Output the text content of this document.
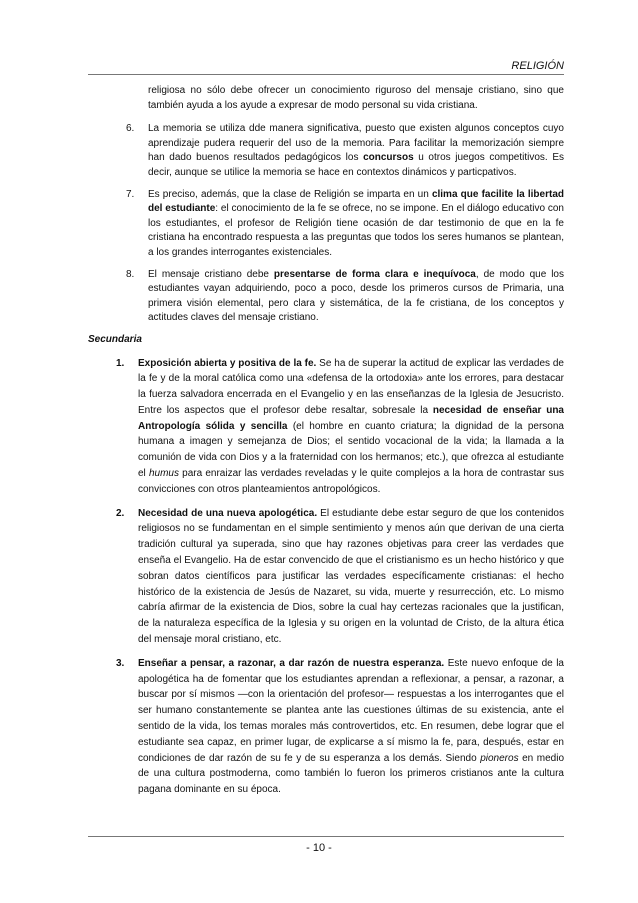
RELIGIÓN

religiosa no sólo debe ofrecer un conocimiento riguroso del mensaje cristiano, sino que también ayuda a los ayude a expresar de modo personal su vida cristiana.

6. La memoria se utiliza dde manera significativa, puesto que existen algunos conceptos cuyo aprendizaje pudera requerir del uso de la memoria. Para facilitar la memorización siempre han dado buenos resultados pedagógicos los concursos u otros juegos competitivos. Es decir, aunque se utilice la memoria se hace en contextos dinámicos y particpativos.

7. Es preciso, además, que la clase de Religión se imparta en un clima que facilite la libertad del estudiante: el conocimiento de la fe se ofrece, no se impone. En el diálogo educativo con los estudiantes, el profesor de Religión tiene ocasión de dar testimonio de que en la fe cristiana ha encontrado respuesta a las preguntas que todos los seres humanos se plantean, a los grandes interrogantes existenciales.

8. El mensaje cristiano debe presentarse de forma clara e inequívoca, de modo que los estudiantes vayan adquiriendo, poco a poco, desde los primeros cursos de Primaria, una primera visión elemental, pero clara y sistemática, de la fe cristiana, de los conceptos y actitudes claves del mensaje cristiano.

Secundaria
1. Exposición abierta y positiva de la fe. Se ha de superar la actitud de explicar las verdades de la fe y de la moral católica como una «defensa de la ortodoxia» ante los errores, para destacar la fuerza salvadora encerrada en el Evangelio y en las enseñanzas de la Iglesia de Jesucristo. Entre los aspectos que el profesor debe resaltar, sobresale la necesidad de enseñar una Antropología sólida y sencilla (el hombre en cuanto criatura; la dignidad de la persona humana a imagen y semejanza de Dios; el sentido vocacional de la vida; la llamada a la comunión de vida con Dios y a la fraternidad con los hermanos; etc.), que ofrezca al estudiante el humus para enraizar las verdades reveladas y le quite complejos a la hora de contrastar sus convicciones con otros planteamientos antropológicos.

2. Necesidad de una nueva apologética. El estudiante debe estar seguro de que los contenidos religiosos no se fundamentan en el simple sentimiento y menos aún que derivan de una cierta tradición cultural ya superada, sino que hay razones objetivas para creer las verdades que enseña el Evangelio. Ha de estar convencido de que el cristianismo es un hecho histórico y que sobran datos científicos para justificar las verdades específicamente cristianas: el hecho histórico de la existencia de Jesús de Nazaret, su vida, muerte y resurrección, etc. Lo mismo cabría afirmar de la existencia de Dios, sobre la cual hay certezas racionales que la justifican, de la naturaleza específica de la Iglesia y su origen en la voluntad de Cristo, de la altura ética del mensaje moral cristiano, etc.

3. Enseñar a pensar, a razonar, a dar razón de nuestra esperanza. Este nuevo enfoque de la apologética ha de fomentar que los estudiantes aprendan a reflexionar, a pensar, a razonar, a buscar por sí mismos —con la orientación del profesor— respuestas a los interrogantes que el ser humano constantemente se plantea ante las cuestiones últimas de su existencia, ante el sentido de la vida, los temas morales más controvertidos, etc. En resumen, debe lograr que el estudiante sea capaz, en primer lugar, de explicarse a sí mismo la fe, para, después, estar en condiciones de dar razón de su fe y de su esperanza a los demás. Siendo pioneros en medio de una cultura postmoderna, como también lo fueron los primeros cristianos ante la cultura pagana dominante en su época.

- 10 -
